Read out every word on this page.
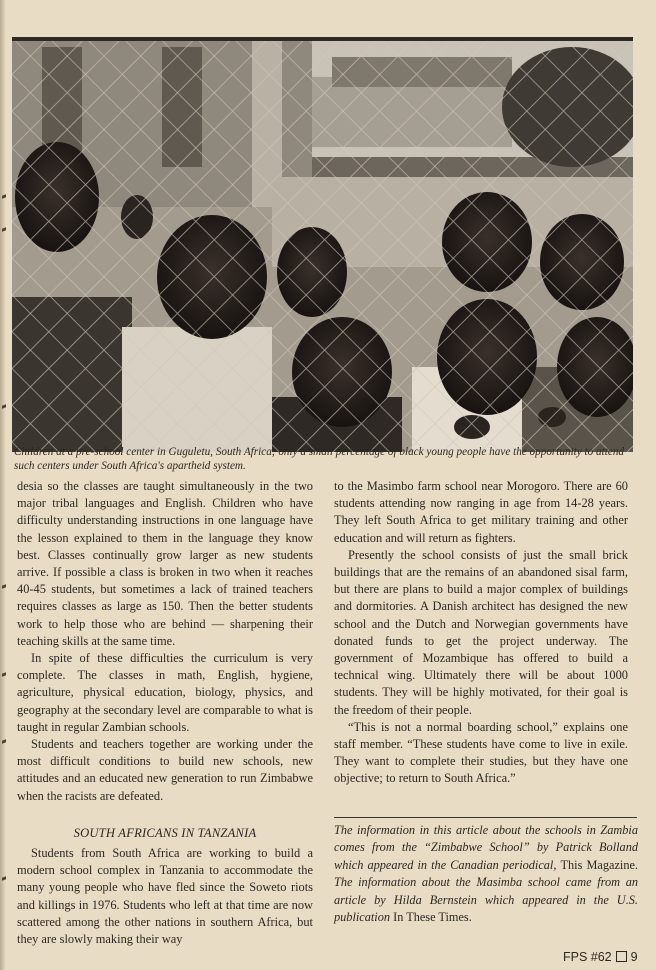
Children at a pre-school center in Guguletu, South Africa; only a small percentage of black young people have the opportunity to attend such centers under South Africa's apartheid system.

desia so the classes are taught simultaneously in the two major tribal languages and English. Children who have difficulty understanding instructions in one language have the lesson explained to them in the language they know best. Classes continually grow larger as new students arrive. If possible a class is broken in two when it reaches 40-45 students, but sometimes a lack of trained teachers requires classes as large as 150. Then the better students work to help those who are behind — sharpening their teaching skills at the same time.

In spite of these difficulties the curriculum is very complete. The classes in math, English, hygiene, agriculture, physical education, biology, physics, and geography at the secondary level are comparable to what is taught in regular Zambian schools.

Students and teachers together are working under the most difficult conditions to build new schools, new attitudes and an educated new generation to run Zimbabwe when the racists are defeated.

SOUTH AFRICANS IN TANZANIA

Students from South Africa are working to build a modern school complex in Tanzania to accommodate the many young people who have fled since the Soweto riots and killings in 1976. Students who left at that time are now scattered among the other nations in southern Africa, but they are slowly making their way

to the Masimbo farm school near Morogoro. There are 60 students attending now ranging in age from 14-28 years. They left South Africa to get military training and other education and will return as fighters.

Presently the school consists of just the small brick buildings that are the remains of an abandoned sisal farm, but there are plans to build a major complex of buildings and dormitories. A Danish architect has designed the new school and the Dutch and Norwegian governments have donated funds to get the project underway. The government of Mozambique has offered to build a technical wing. Ultimately there will be about 1000 students. They will be highly motivated, for their goal is the freedom of their people.

“This is not a normal boarding school,” explains one staff member. “These students have come to live in exile. They want to complete their studies, but they have one objective; to return to South Africa.”

The information in this article about the schools in Zambia comes from the “Zimbabwe School” by Patrick Bolland which appeared in the Canadian periodical, This Magazine. The information about the Masimba school came from an article by Hilda Bernstein which appeared in the U.S. publication In These Times.
FPS #62 9
